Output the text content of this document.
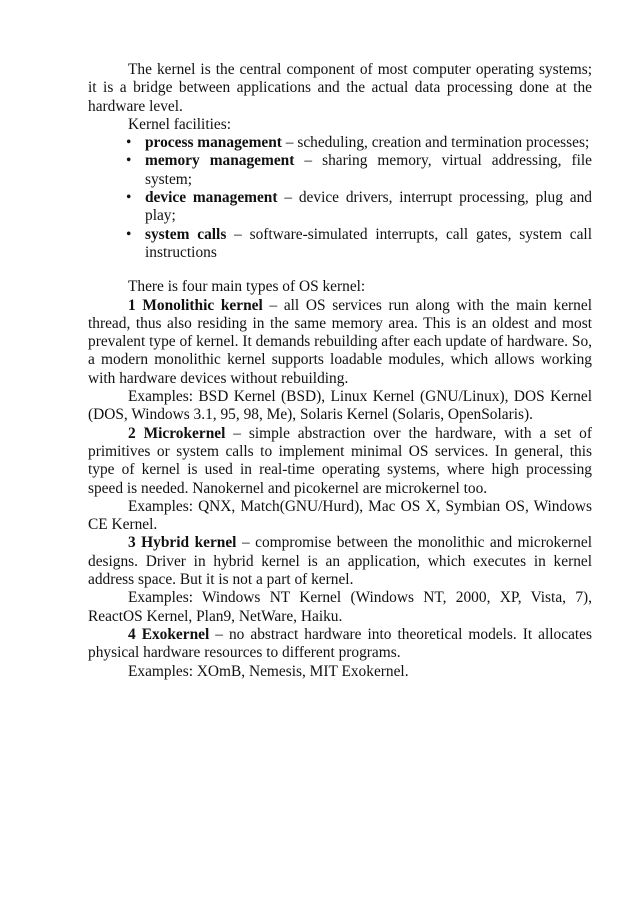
The kernel is the central component of most computer operating systems; it is a bridge between applications and the actual data processing done at the hardware level.

Kernel facilities:

• process management – scheduling, creation and termination processes;
• memory management – sharing memory, virtual addressing, file system;
• device management – device drivers, interrupt processing, plug and play;
• system calls – software-simulated interrupts, call gates, system call instructions

There is four main types of OS kernel:

1 Monolithic kernel – all OS services run along with the main kernel thread, thus also residing in the same memory area. This is an oldest and most prevalent type of kernel. It demands rebuilding after each update of hardware. So, a modern monolithic kernel supports loadable modules, which allows working with hardware devices without rebuilding.

Examples: BSD Kernel (BSD), Linux Kernel (GNU/Linux), DOS Kernel (DOS, Windows 3.1, 95, 98, Me), Solaris Kernel (Solaris, OpenSolaris).

2 Microkernel – simple abstraction over the hardware, with a set of primitives or system calls to implement minimal OS services. In general, this type of kernel is used in real-time operating systems, where high processing speed is needed. Nanokernel and picokernel are microkernel too.

Examples: QNX, Match(GNU/Hurd), Mac OS X, Symbian OS, Windows CE Kernel.

3 Hybrid kernel – compromise between the monolithic and microkernel designs. Driver in hybrid kernel is an application, which executes in kernel address space. But it is not a part of kernel.

Examples: Windows NT Kernel (Windows NT, 2000, XP, Vista, 7), ReactOS Kernel, Plan9, NetWare, Haiku.

4 Exokernel – no abstract hardware into theoretical models. It allocates physical hardware resources to different programs.

Examples: XOmB, Nemesis, MIT Exokernel.
